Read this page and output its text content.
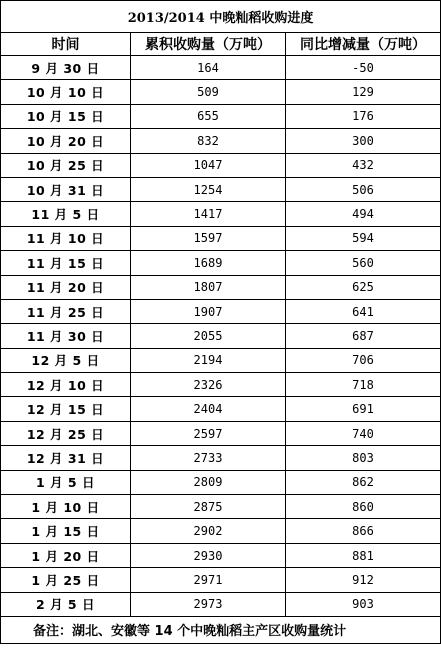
2013/2014 中晚籼稻收购进度		
时间	累积收购量（万吨）	同比增减量（万吨）
9 月 30 日	164	-50
10 月 10 日	509	129
10 月 15 日	655	176
10 月 20 日	832	300
10 月 25 日	1047	432
10 月 31 日	1254	506
11 月 5 日	1417	494
11 月 10 日	1597	594
11 月 15 日	1689	560
11 月 20 日	1807	625
11 月 25 日	1907	641
11 月 30 日	2055	687
12 月 5 日	2194	706
12 月 10 日	2326	718
12 月 15 日	2404	691
12 月 25 日	2597	740
12 月 31 日	2733	803
1 月 5 日	2809	862
1 月 10 日	2875	860
1 月 15 日	2902	866
1 月 20 日	2930	881
1 月 25 日	2971	912
2 月 5 日	2973	903
备注：湖北、安徽等 14 个中晚籼稻主产区收购量统计		
